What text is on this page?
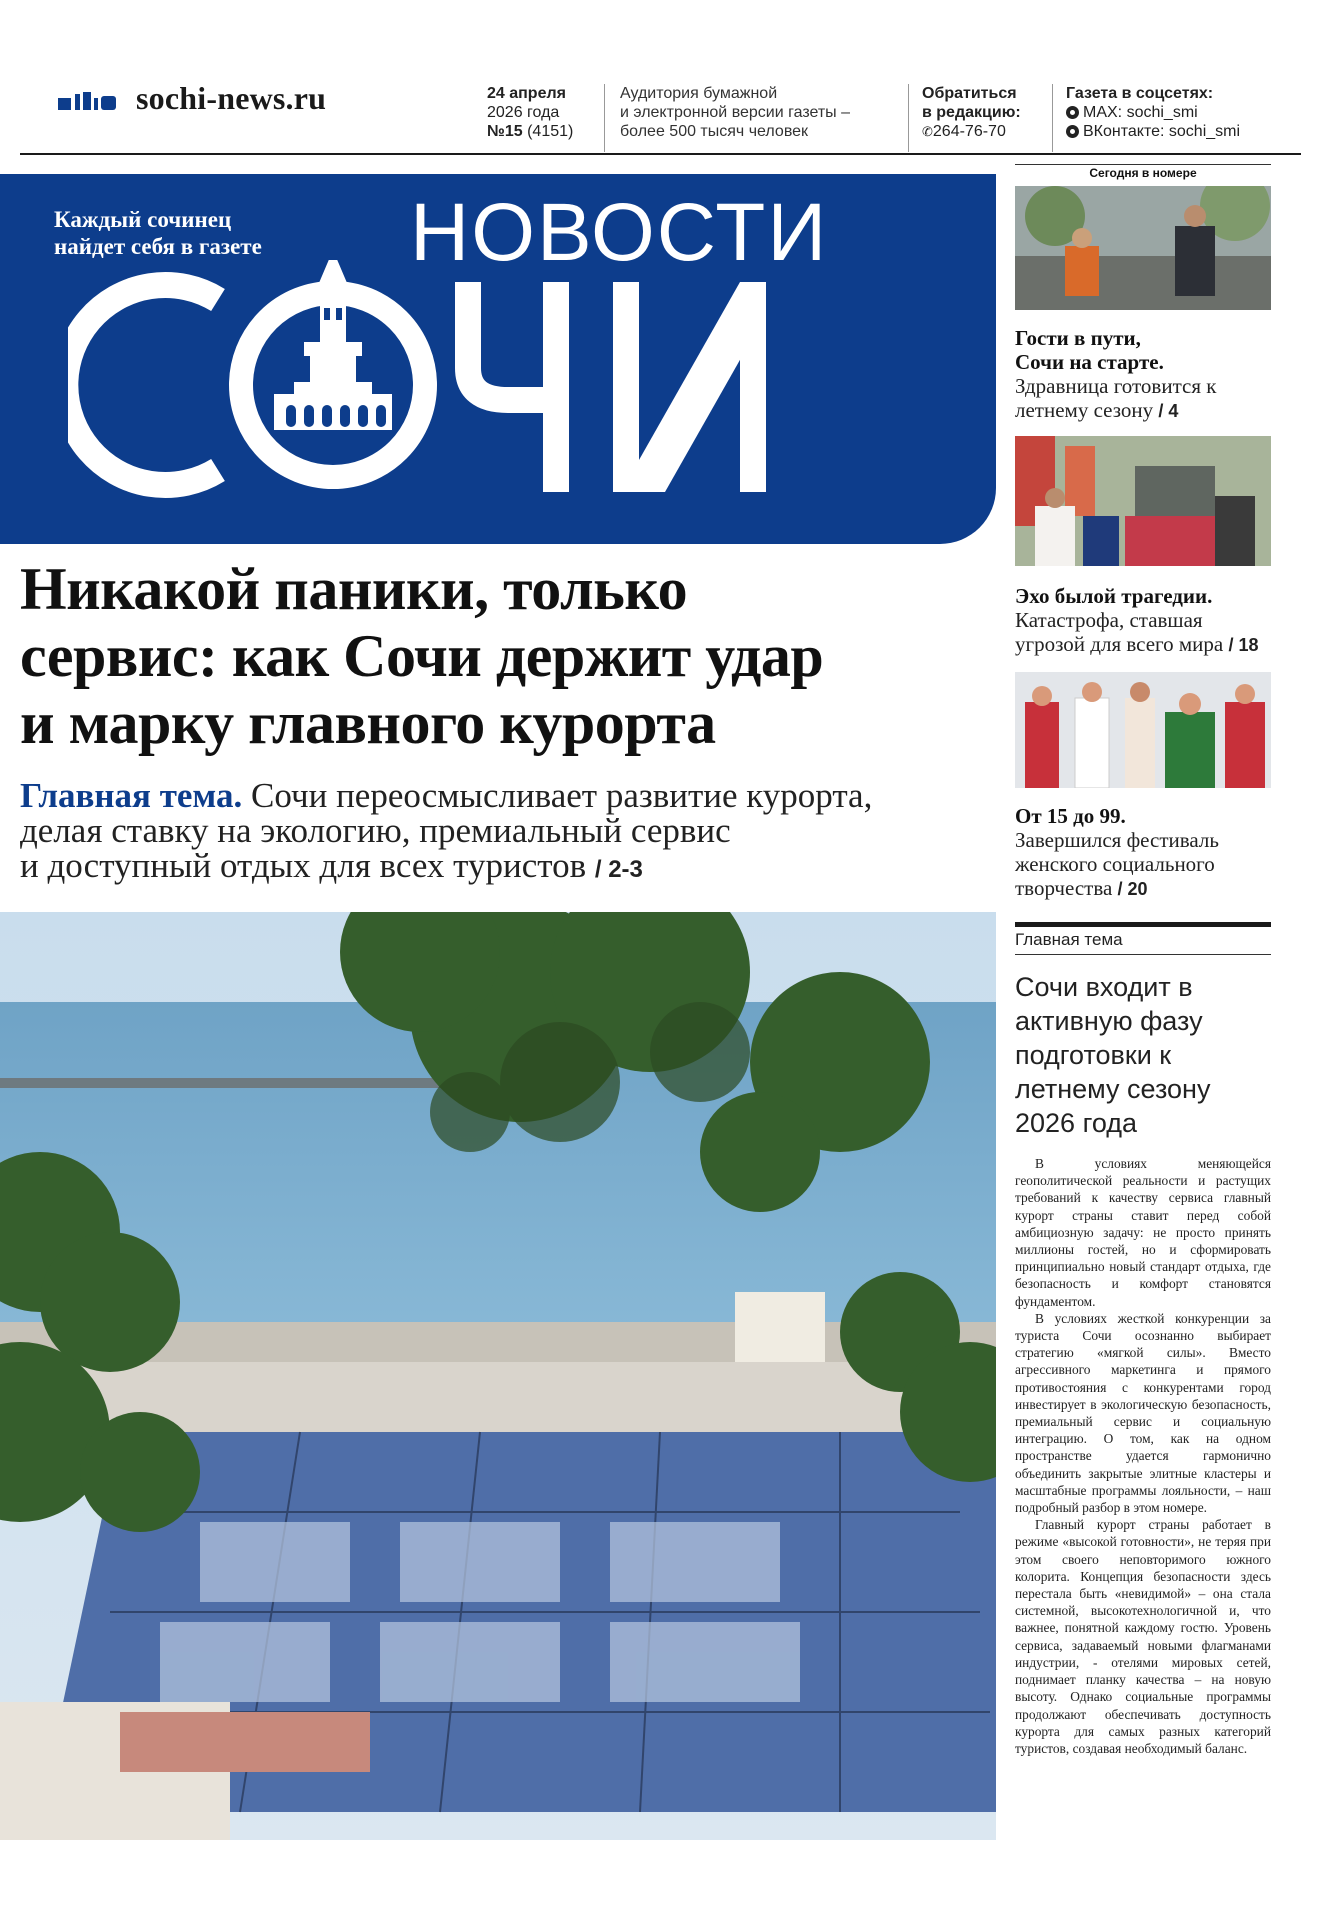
sochi-news.ru	24 апреля
2026 года
№15 (4151)
Аудитория бумажной
и электронной версии газеты –
более 500 тысяч человек
Обратиться
в редакцию:
✆264-76-70
Газета в соцсетях:
MAX: sochi_smi
ВКонтакте: sochi_smi
Каждый сочинец
найдет себя в газете НОВОСТИ
Никакой паники, только
сервис: как Сочи держит удар
и марку главного курорта
Главная тема. Сочи переосмысливает развитие курорта,
делая ставку на экологию, премиальный сервис
и доступный отдых для всех туристов / 2-3
Сегодня в номере
Гости в пути,
Сочи на старте.
Здравница готовится к
летнему сезону / 4
Эхо былой трагедии.
Катастрофа, ставшая
угрозой для всего мира / 18
От 15 до 99.
Завершился фестиваль
женского социального
творчества / 20
Главная тема
Сочи входит в
активную фазу
подготовки к
летнему сезону
2026 года

В условиях меняющейся геополитической реальности и растущих требований к качеству сервиса главный курорт страны ставит перед собой амбициозную задачу: не просто принять миллионы гостей, но и сформировать принципиально новый стандарт отдыха, где безопасность и комфорт становятся фундаментом.

В условиях жесткой конкуренции за туриста Сочи осознанно выбирает стратегию «мягкой силы». Вместо агрессивного маркетинга и прямого противостояния с конкурентами город инвестирует в экологическую безопасность, премиальный сервис и социальную интеграцию. О том, как на одном пространстве удается гармонично объединить закрытые элитные кластеры и масштабные программы лояльности, – наш подробный разбор в этом номере.

Главный курорт страны работает в режиме «высокой готовности», не теряя при этом своего неповторимого южного колорита. Концепция безопасности здесь перестала быть «невидимой» – она стала системной, высокотехнологичной и, что важнее, понятной каждому гостю. Уровень сервиса, задаваемый новыми флагманами индустрии, - отелями мировых сетей, поднимает планку качества – на новую высоту. Однако социальные программы продолжают обеспечивать доступность курорта для самых разных категорий туристов, создавая необходимый баланс.
